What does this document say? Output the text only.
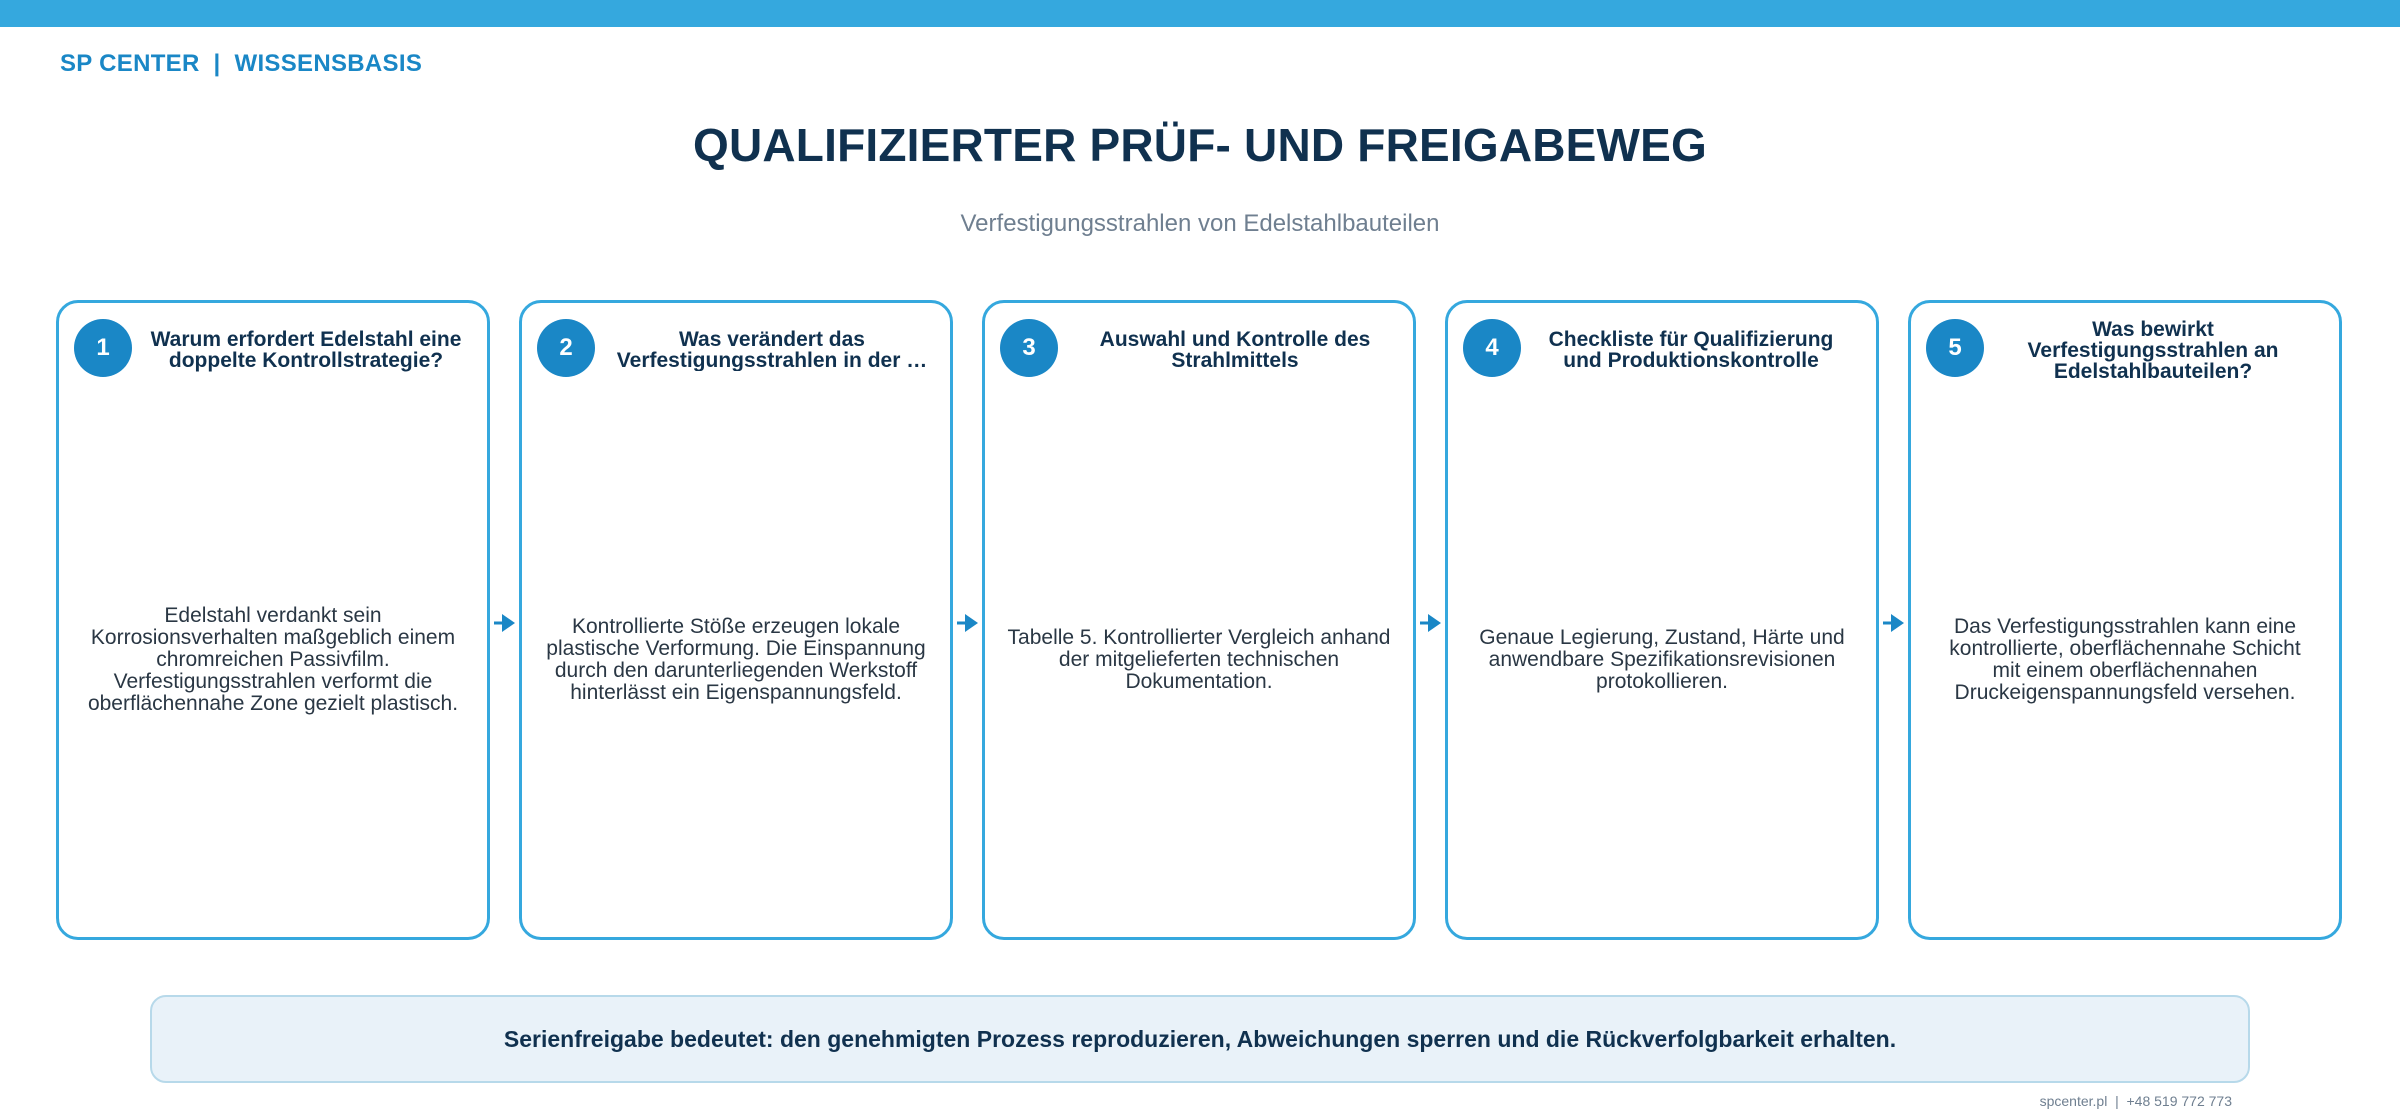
SP CENTER  |  WISSENSBASIS
QUALIFIZIERTER PRÜF- UND FREIGABEWEG
Verfestigungsstrahlen von Edelstahlbauteilen
1	Warum erfordert Edelstahl eine doppelte Kontrollstrategie?
Edelstahl verdankt sein Korrosionsverhalten maßgeblich einem chromreichen Passivfilm. Verfestigungsstrahlen verformt die oberflächennahe Zone gezielt plastisch.
2	Was verändert das
Verfestigungsstrahlen in der …
Kontrollierte Stöße erzeugen lokale plastische Verformung. Die Einspannung durch den darunterliegenden Werkstoff hinterlässt ein Eigenspannungsfeld.
3	Auswahl und Kontrolle des Strahlmittels
Tabelle 5. Kontrollierter Vergleich anhand der mitgelieferten technischen Dokumentation.
4	Checkliste für Qualifizierung und Produktionskontrolle
Genaue Legierung, Zustand, Härte und anwendbare Spezifikationsrevisionen protokollieren.
5
Was bewirkt Verfestigungsstrahlen an Edelstahlbauteilen?
Das Verfestigungsstrahlen kann eine kontrollierte, oberflächennahe Schicht mit einem oberflächennahen Druckeigenspannungsfeld versehen.
Serienfreigabe bedeutet: den genehmigten Prozess reproduzieren, Abweichungen sperren und die Rückverfolgbarkeit erhalten.
spcenter.pl  |  +48 519 772 773
